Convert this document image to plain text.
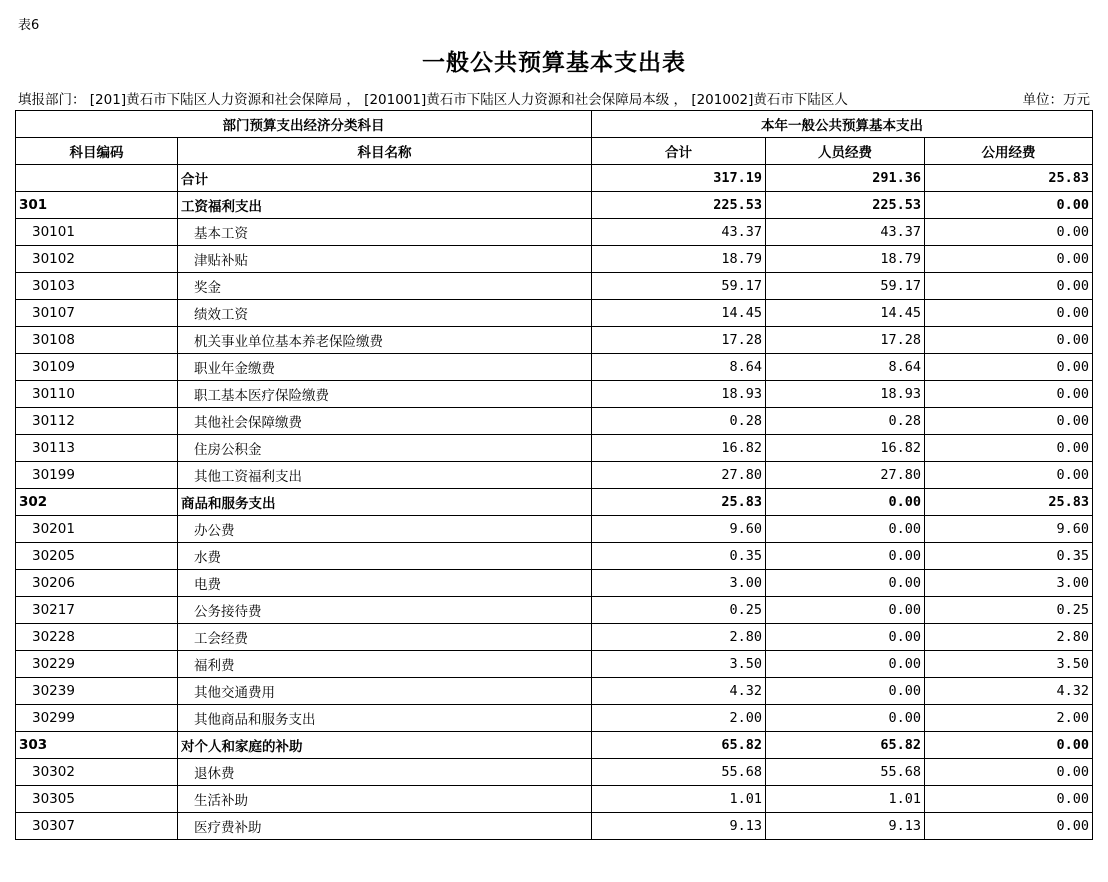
表6
一般公共预算基本支出表
填报部门： [201]黄石市下陆区人力资源和社会保障局 ， [201001]黄石市下陆区人力资源和社会保障局本级 ， [201002]黄石市下陆区人	单位：万元
部门预算支出经济分类科目		本年一般公共预算基本支出		
科目编码	科目名称	合计	人员经费	公用经费
	合计	317.19	291.36	25.83
301	工资福利支出	225.53	225.53	0.00
30101	基本工资	43.37	43.37	0.00
30102	津贴补贴	18.79	18.79	0.00
30103	奖金	59.17	59.17	0.00
30107	绩效工资	14.45	14.45	0.00
30108	机关事业单位基本养老保险缴费	17.28	17.28	0.00
30109	职业年金缴费	8.64	8.64	0.00
30110	职工基本医疗保险缴费	18.93	18.93	0.00
30112	其他社会保障缴费	0.28	0.28	0.00
30113	住房公积金	16.82	16.82	0.00
30199	其他工资福利支出	27.80	27.80	0.00
302	商品和服务支出	25.83	0.00	25.83
30201	办公费	9.60	0.00	9.60
30205	水费	0.35	0.00	0.35
30206	电费	3.00	0.00	3.00
30217	公务接待费	0.25	0.00	0.25
30228	工会经费	2.80	0.00	2.80
30229	福利费	3.50	0.00	3.50
30239	其他交通费用	4.32	0.00	4.32
30299	其他商品和服务支出	2.00	0.00	2.00
303	对个人和家庭的补助	65.82	65.82	0.00
30302	退休费	55.68	55.68	0.00
30305	生活补助	1.01	1.01	0.00
30307	医疗费补助	9.13	9.13	0.00
